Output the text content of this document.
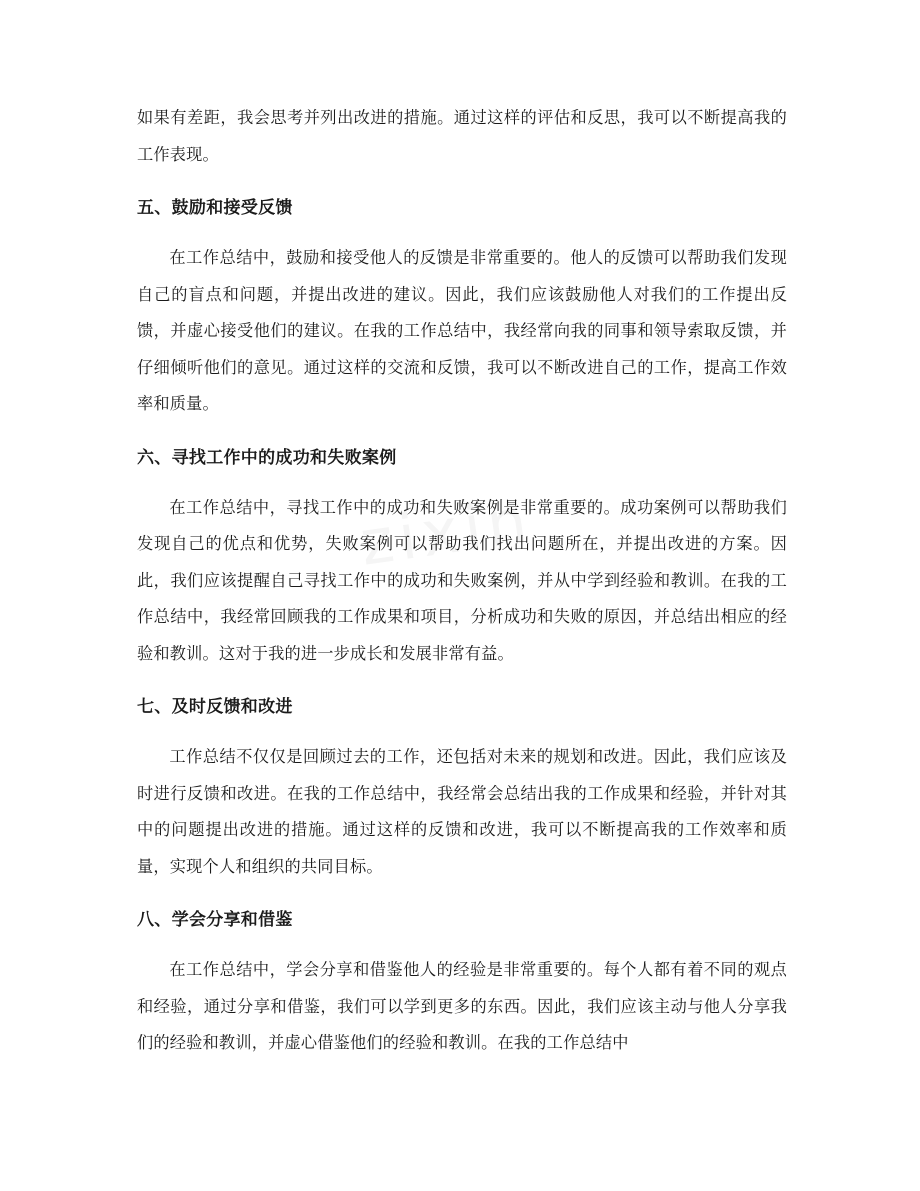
zixin

如果有差距，我会思考并列出改进的措施。通过这样的评估和反思，我可以不断提高我的工作表现。

五、鼓励和接受反馈

在工作总结中，鼓励和接受他人的反馈是非常重要的。他人的反馈可以帮助我们发现自己的盲点和问题，并提出改进的建议。因此，我们应该鼓励他人对我们的工作提出反馈，并虚心接受他们的建议。在我的工作总结中，我经常向我的同事和领导索取反馈，并仔细倾听他们的意见。通过这样的交流和反馈，我可以不断改进自己的工作，提高工作效率和质量。

六、寻找工作中的成功和失败案例

在工作总结中，寻找工作中的成功和失败案例是非常重要的。成功案例可以帮助我们发现自己的优点和优势，失败案例可以帮助我们找出问题所在，并提出改进的方案。因此，我们应该提醒自己寻找工作中的成功和失败案例，并从中学到经验和教训。在我的工作总结中，我经常回顾我的工作成果和项目，分析成功和失败的原因，并总结出相应的经验和教训。这对于我的进一步成长和发展非常有益。

七、及时反馈和改进

工作总结不仅仅是回顾过去的工作，还包括对未来的规划和改进。因此，我们应该及时进行反馈和改进。在我的工作总结中，我经常会总结出我的工作成果和经验，并针对其中的问题提出改进的措施。通过这样的反馈和改进，我可以不断提高我的工作效率和质量，实现个人和组织的共同目标。

八、学会分享和借鉴

在工作总结中，学会分享和借鉴他人的经验是非常重要的。每个人都有着不同的观点和经验，通过分享和借鉴，我们可以学到更多的东西。因此，我们应该主动与他人分享我们的经验和教训，并虚心借鉴他们的经验和教训。在我的工作总结中
